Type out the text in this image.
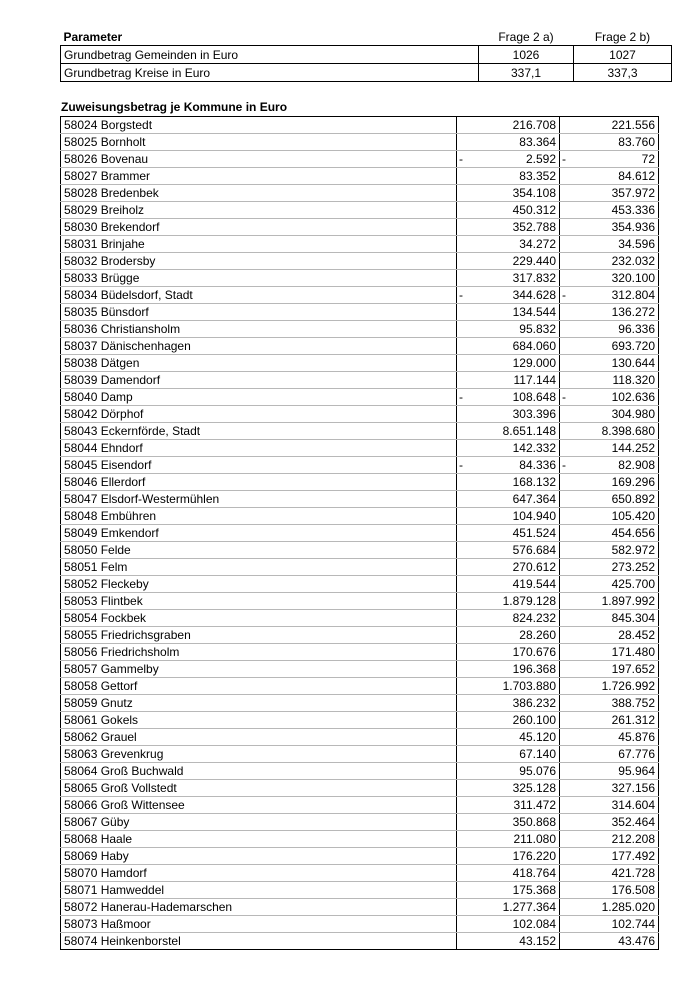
Parameter	Frage 2 a)	Frage 2 b)
Grundbetrag Gemeinden in Euro	1026	1027
Grundbetrag Kreise in Euro	337,1	337,3
Zuweisungsbetrag je Kommune in Euro
58024 Borgstedt	216.708	221.556
58025 Bornholt	83.364	83.760
58026 Bovenau	- 2.592	- 72
58027 Brammer	83.352	84.612
58028 Bredenbek	354.108	357.972
58029 Breiholz	450.312	453.336
58030 Brekendorf	352.788	354.936
58031 Brinjahe	34.272	34.596
58032 Brodersby	229.440	232.032
58033 Brügge	317.832	320.100
58034 Büdelsdorf, Stadt	- 344.628	- 312.804
58035 Bünsdorf	134.544	136.272
58036 Christiansholm	95.832	96.336
58037 Dänischenhagen	684.060	693.720
58038 Dätgen	129.000	130.644
58039 Damendorf	117.144	118.320
58040 Damp	- 108.648	- 102.636
58042 Dörphof	303.396	304.980
58043 Eckernförde, Stadt	8.651.148	8.398.680
58044 Ehndorf	142.332	144.252
58045 Eisendorf	- 84.336	- 82.908
58046 Ellerdorf	168.132	169.296
58047 Elsdorf-Westermühlen	647.364	650.892
58048 Embühren	104.940	105.420
58049 Emkendorf	451.524	454.656
58050 Felde	576.684	582.972
58051 Felm	270.612	273.252
58052 Fleckeby	419.544	425.700
58053 Flintbek	1.879.128	1.897.992
58054 Fockbek	824.232	845.304
58055 Friedrichsgraben	28.260	28.452
58056 Friedrichsholm	170.676	171.480
58057 Gammelby	196.368	197.652
58058 Gettorf	1.703.880	1.726.992
58059 Gnutz	386.232	388.752
58061 Gokels	260.100	261.312
58062 Grauel	45.120	45.876
58063 Grevenkrug	67.140	67.776
58064 Groß Buchwald	95.076	95.964
58065 Groß Vollstedt	325.128	327.156
58066 Groß Wittensee	311.472	314.604
58067 Güby	350.868	352.464
58068 Haale	211.080	212.208
58069 Haby	176.220	177.492
58070 Hamdorf	418.764	421.728
58071 Hamweddel	175.368	176.508
58072 Hanerau-Hademarschen	1.277.364	1.285.020
58073 Haßmoor	102.084	102.744
58074 Heinkenborstel	43.152	43.476
